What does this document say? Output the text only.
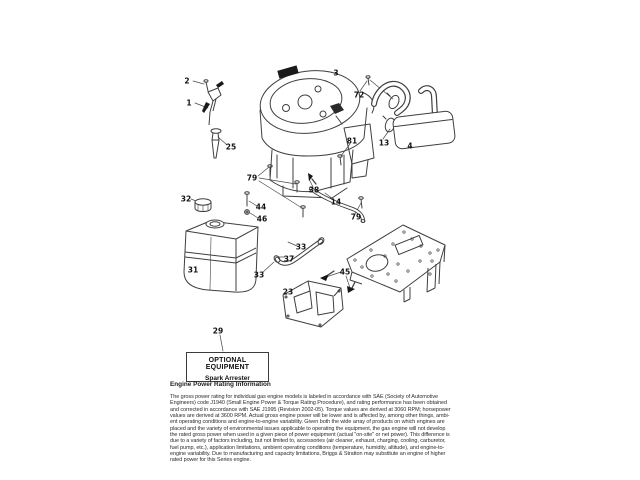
2
1
25
3
72
13 4
81
79
38
14
79
32
44
46
31
33
37
33	45
23
29
OPTIONAL EQUIPMENT
Spark Arrester
Engine Power Rating Information
The gross power rating for individual gas engine models is labeled in accordance with SAE (Society of Automotive
Engineers) code J1940 (Small Engine Power & Torque Rating Procedure), and rating performance has been obtained
and corrected in accordance with SAE J1995 (Revision 2002-05). Torque values are derived at 3060 RPM; horsepower
values are derived at 3600 RPM. Actual gross engine power will be lower and is affected by, among other things, ambi-
ent operating conditions and engine-to-engine variability. Given both the wide array of products on which engines are
placed and the variety of environmental issues applicable to operating the equipment, the gas engine will not develop
the rated gross power when used in a given piece of power equipment (actual "on-site" or net power). This difference is
due to a variety of factors including, but not limited to, accessories (air cleaner, exhaust, charging, cooling, carburetor,
fuel pump, etc.), application limitations, ambient operating conditions (temperature, humidity, altitude), and engine-to-
engine variability. Due to manufacturing and capacity limitations, Briggs & Stratton may substitute an engine of higher
rated power for this Series engine.
